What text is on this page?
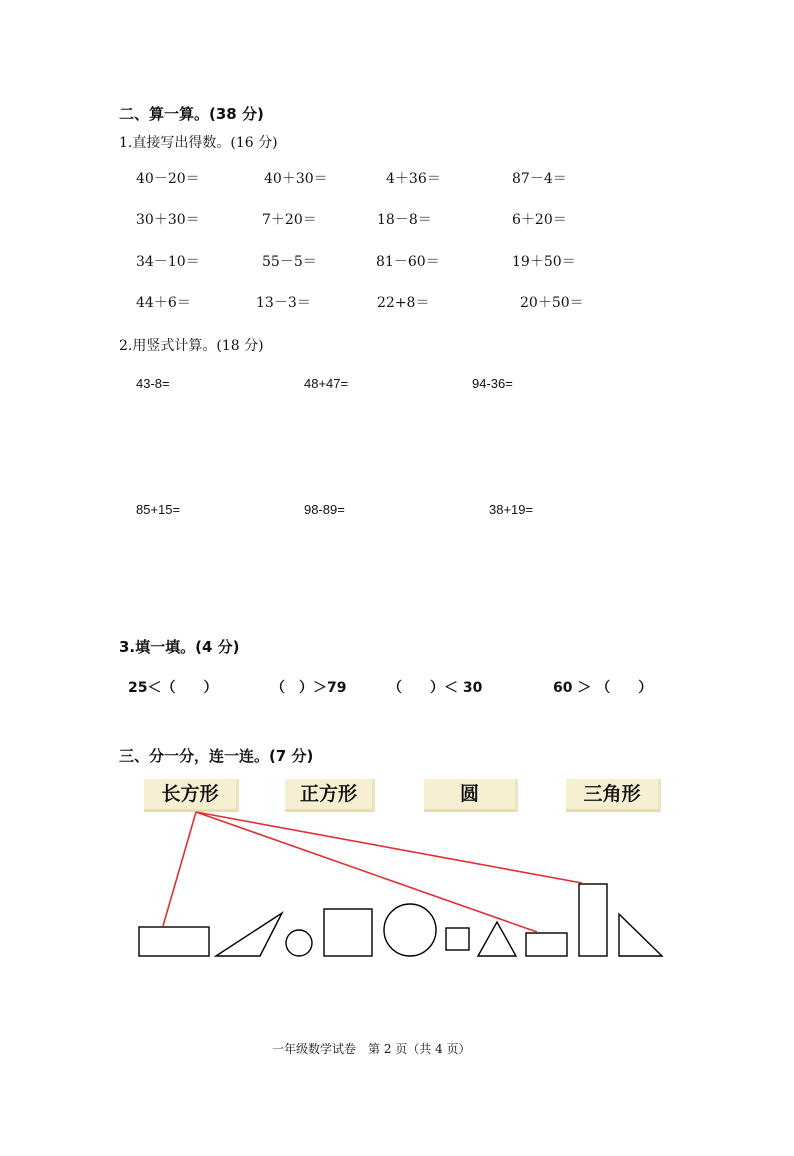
二、算一算。(38 分)
1.直接写出得数。(16 分)
40－20＝	40＋30＝	4＋36＝	87－4＝
30＋30＝	7＋20＝	18－8＝	6＋20＝
34－10＝	55－5＝	81－60＝	19＋50＝
44＋6＝	13－3＝	22+8＝	20＋50＝
2.用竖式计算。(18 分)
43-8=	48+47=	94-36=
85+15=	98-89=	38+19=
3.填一填。(4 分)
25＜（　　）	（　）＞79	（　　）＜ 30	60 ＞ （　　）
三、分一分，连一连。(7 分)
长方形	正方形	圆	三角形
一年级数学试卷　第 2 页（共 4 页）
